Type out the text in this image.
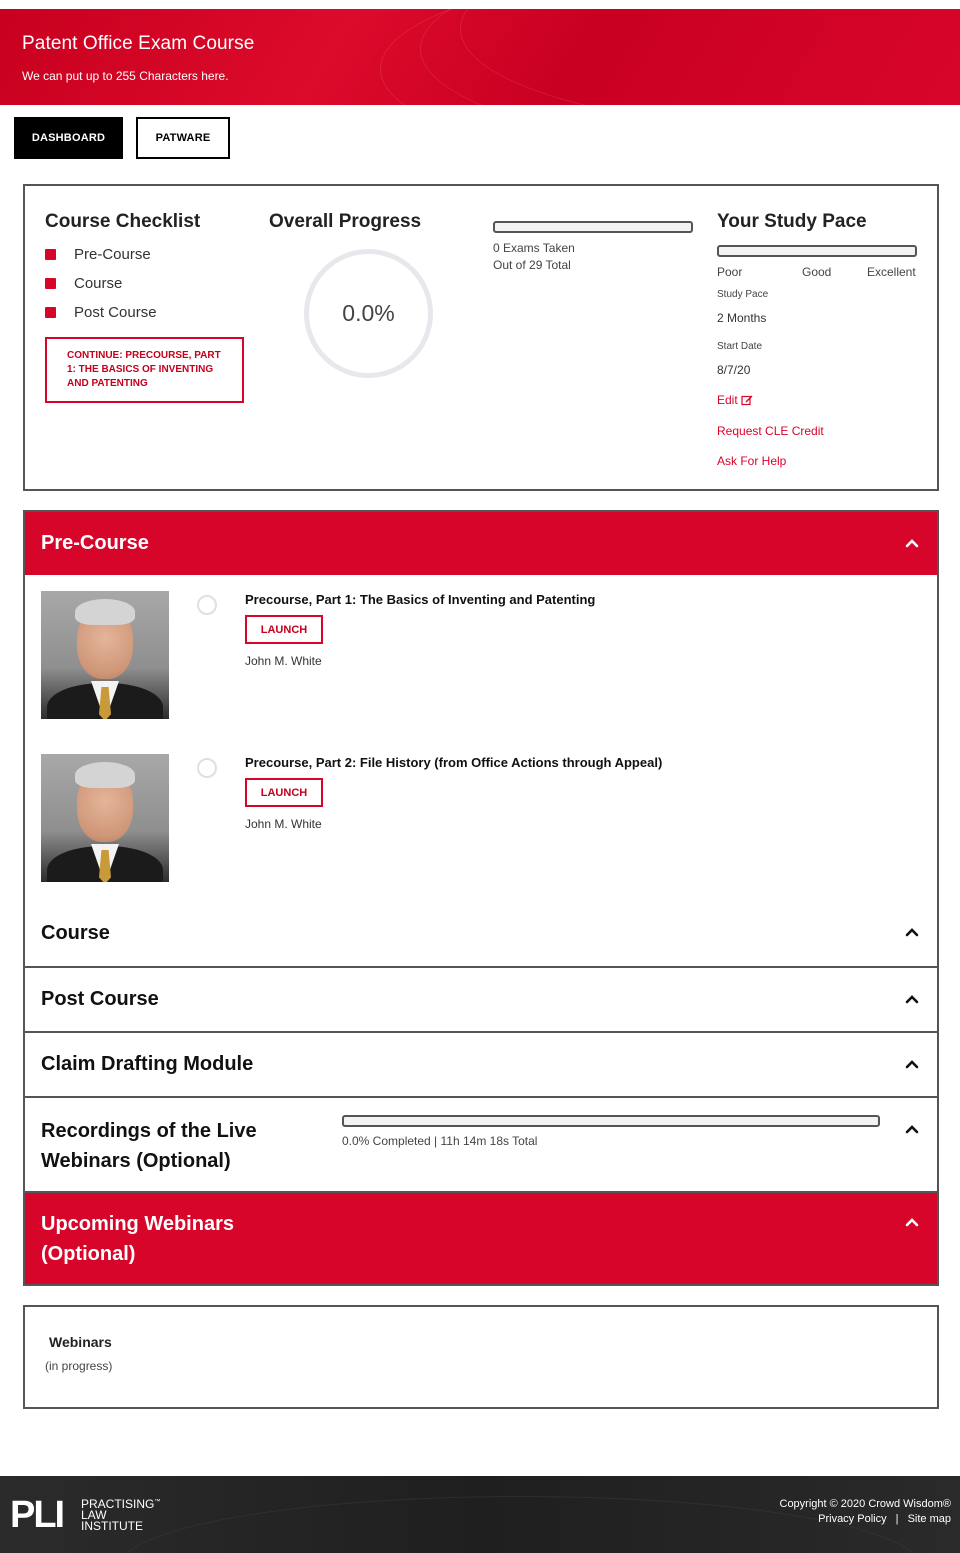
Patent Office Exam Course
We can put up to 255 Characters here.
DASHBOARD	PATWARE
Course Checklist
Pre-Course
Course
Post Course
CONTINUE: PRECOURSE, PART 1: THE BASICS OF INVENTING AND PATENTING
Overall Progress
0.0%
0 Exams Taken
Out of 29 Total
Your Study Pace
Poor	Good	Excellent
Study Pace
2 Months
Start Date
8/7/20
Edit
Request CLE Credit
Ask For Help
Pre-Course
Precourse, Part 1: The Basics of Inventing and Patenting
LAUNCH
John M. White
Precourse, Part 2: File History (from Office Actions through Appeal)
LAUNCH
John M. White
Course
Post Course
Claim Drafting Module
Recordings of the Live
Webinars (Optional)
0.0% Completed | 11h 14m 18s Total
Upcoming Webinars
(Optional)
Webinars
(in progress)
PLI PRACTISING™
LAW
INSTITUTE
Copyright © 2020 Crowd Wisdom®
Privacy Policy | Site map
